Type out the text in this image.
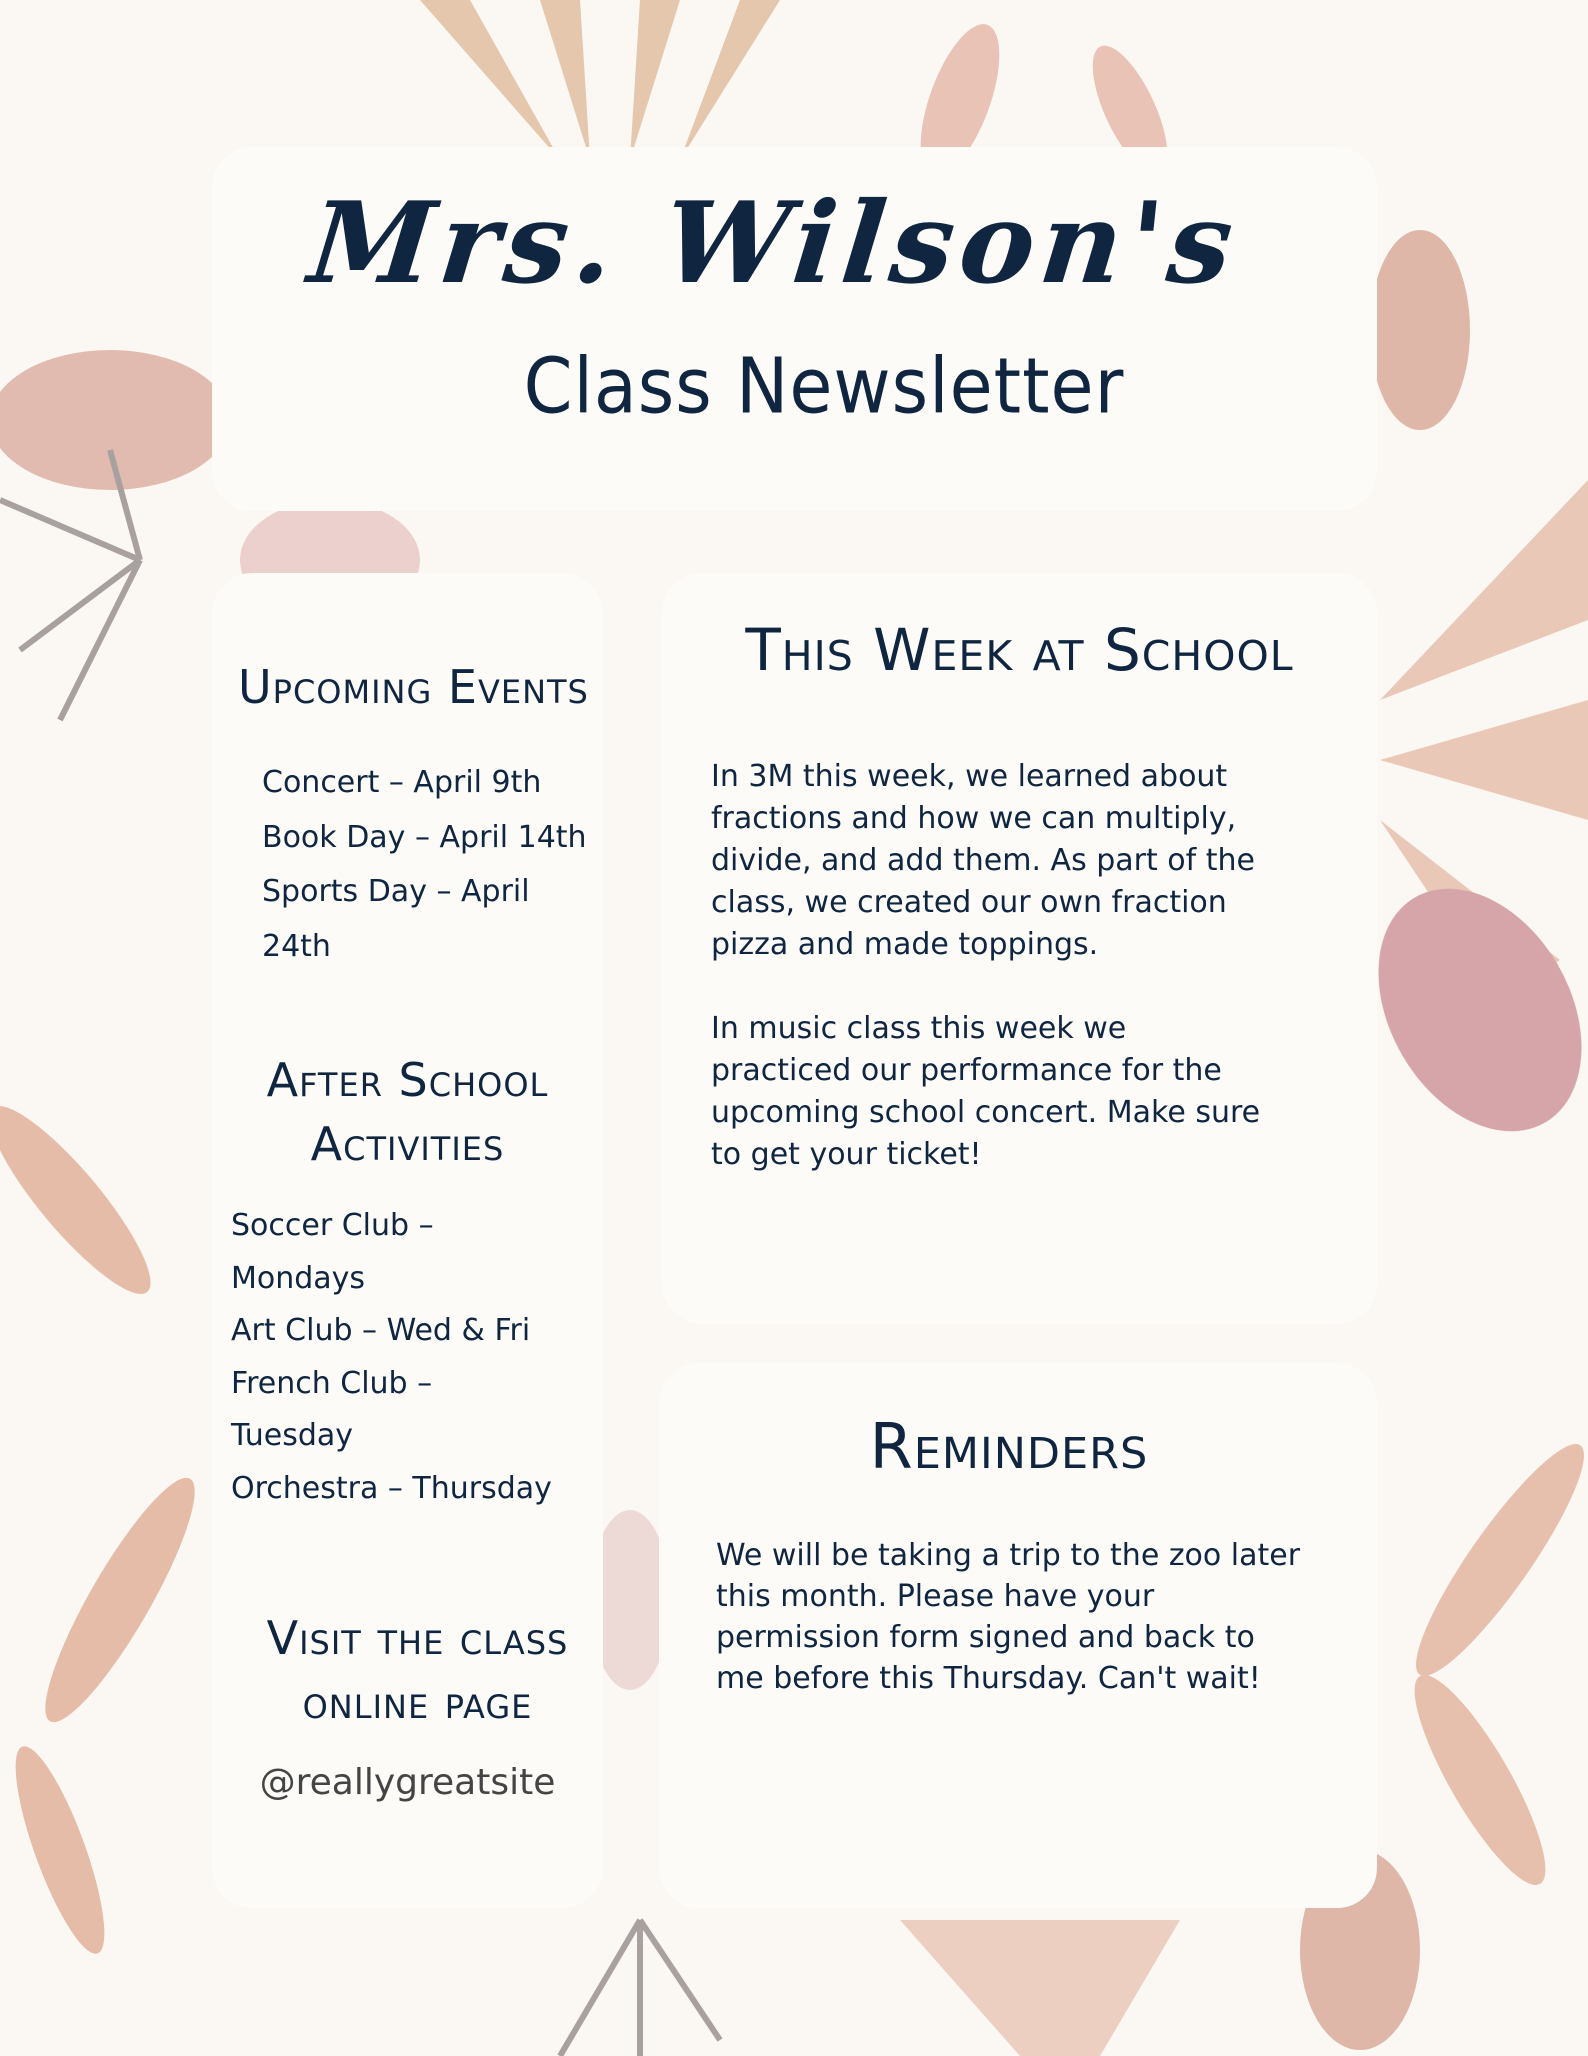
Mrs. Wilson's
Class Newsletter
Upcoming Events
Concert – April 9th
Book Day – April 14th
Sports Day – April
24th
After School
Activities
Soccer Club –
Mondays
Art Club – Wed & Fri
French Club –
Tuesday
Orchestra – Thursday
Visit the class
online page
@reallygreatsite
This Week at School
In 3M this week, we learned about
fractions and how we can multiply,
divide, and add them. As part of the
class, we created our own fraction
pizza and made toppings.
In music class this week we
practiced our performance for the
upcoming school concert. Make sure
to get your ticket!
Reminders
We will be taking a trip to the zoo later
this month. Please have your
permission form signed and back to
me before this Thursday. Can't wait!
